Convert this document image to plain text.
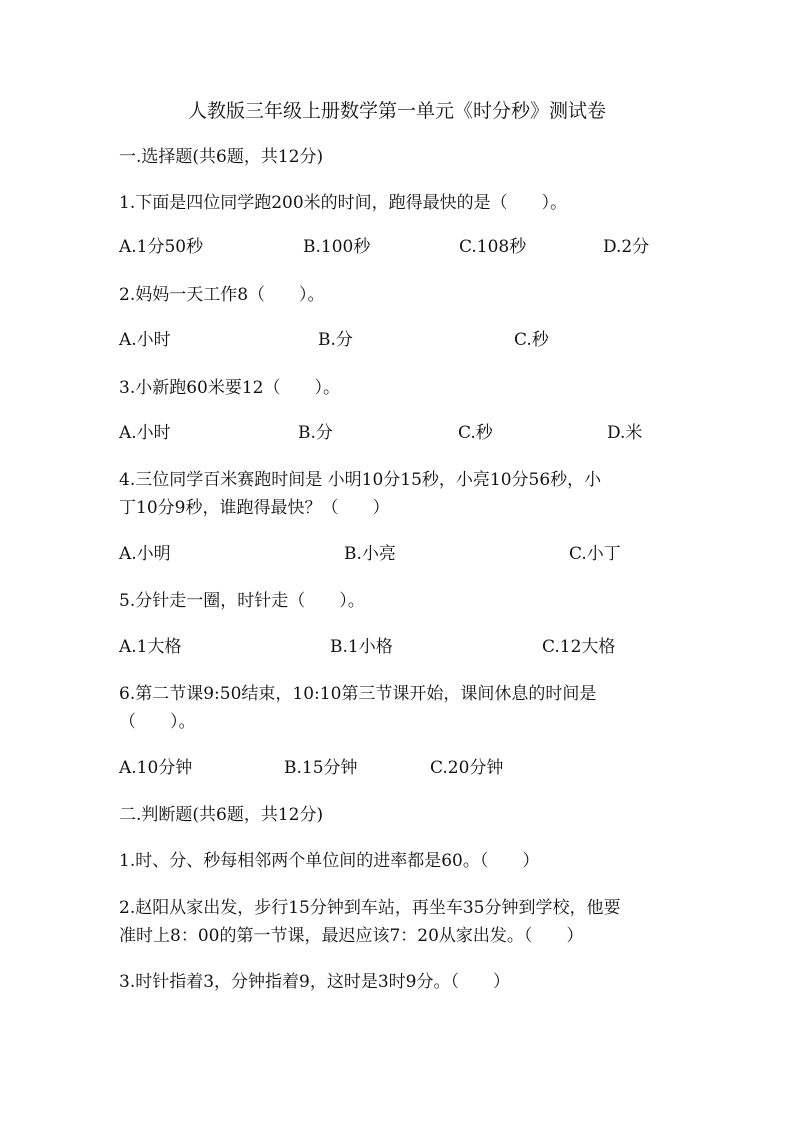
人教版三年级上册数学第一单元《时分秒》测试卷
一.选择题(共6题，共12分)
1.下面是四位同学跑200米的时间，跑得最快的是（　　）。
A.1分50秒	B.100秒	C.108秒	D.2分
2.妈妈一天工作8（　　）。
A.小时	B.分	C.秒
3.小新跑60米要12（　　）。
A.小时	B.分	C.秒	D.米
4.三位同学百米赛跑时间是 小明10分15秒，小亮10分56秒，小
丁10分9秒，谁跑得最快？（　　）
A.小明	B.小亮	C.小丁
5.分针走一圈，时针走（　　）。
A.1大格	B.1小格	C.12大格
6.第二节课9:50结束，10:10第三节课开始，课间休息的时间是
（　　）。
A.10分钟	B.15分钟	C.20分钟
二.判断题(共6题，共12分)
1.时、分、秒每相邻两个单位间的进率都是60。（　　）
2.赵阳从家出发，步行15分钟到车站，再坐车35分钟到学校，他要
准时上8：00的第一节课，最迟应该7：20从家出发。（　　）
3.时针指着3，分钟指着9，这时是3时9分。（　　）
